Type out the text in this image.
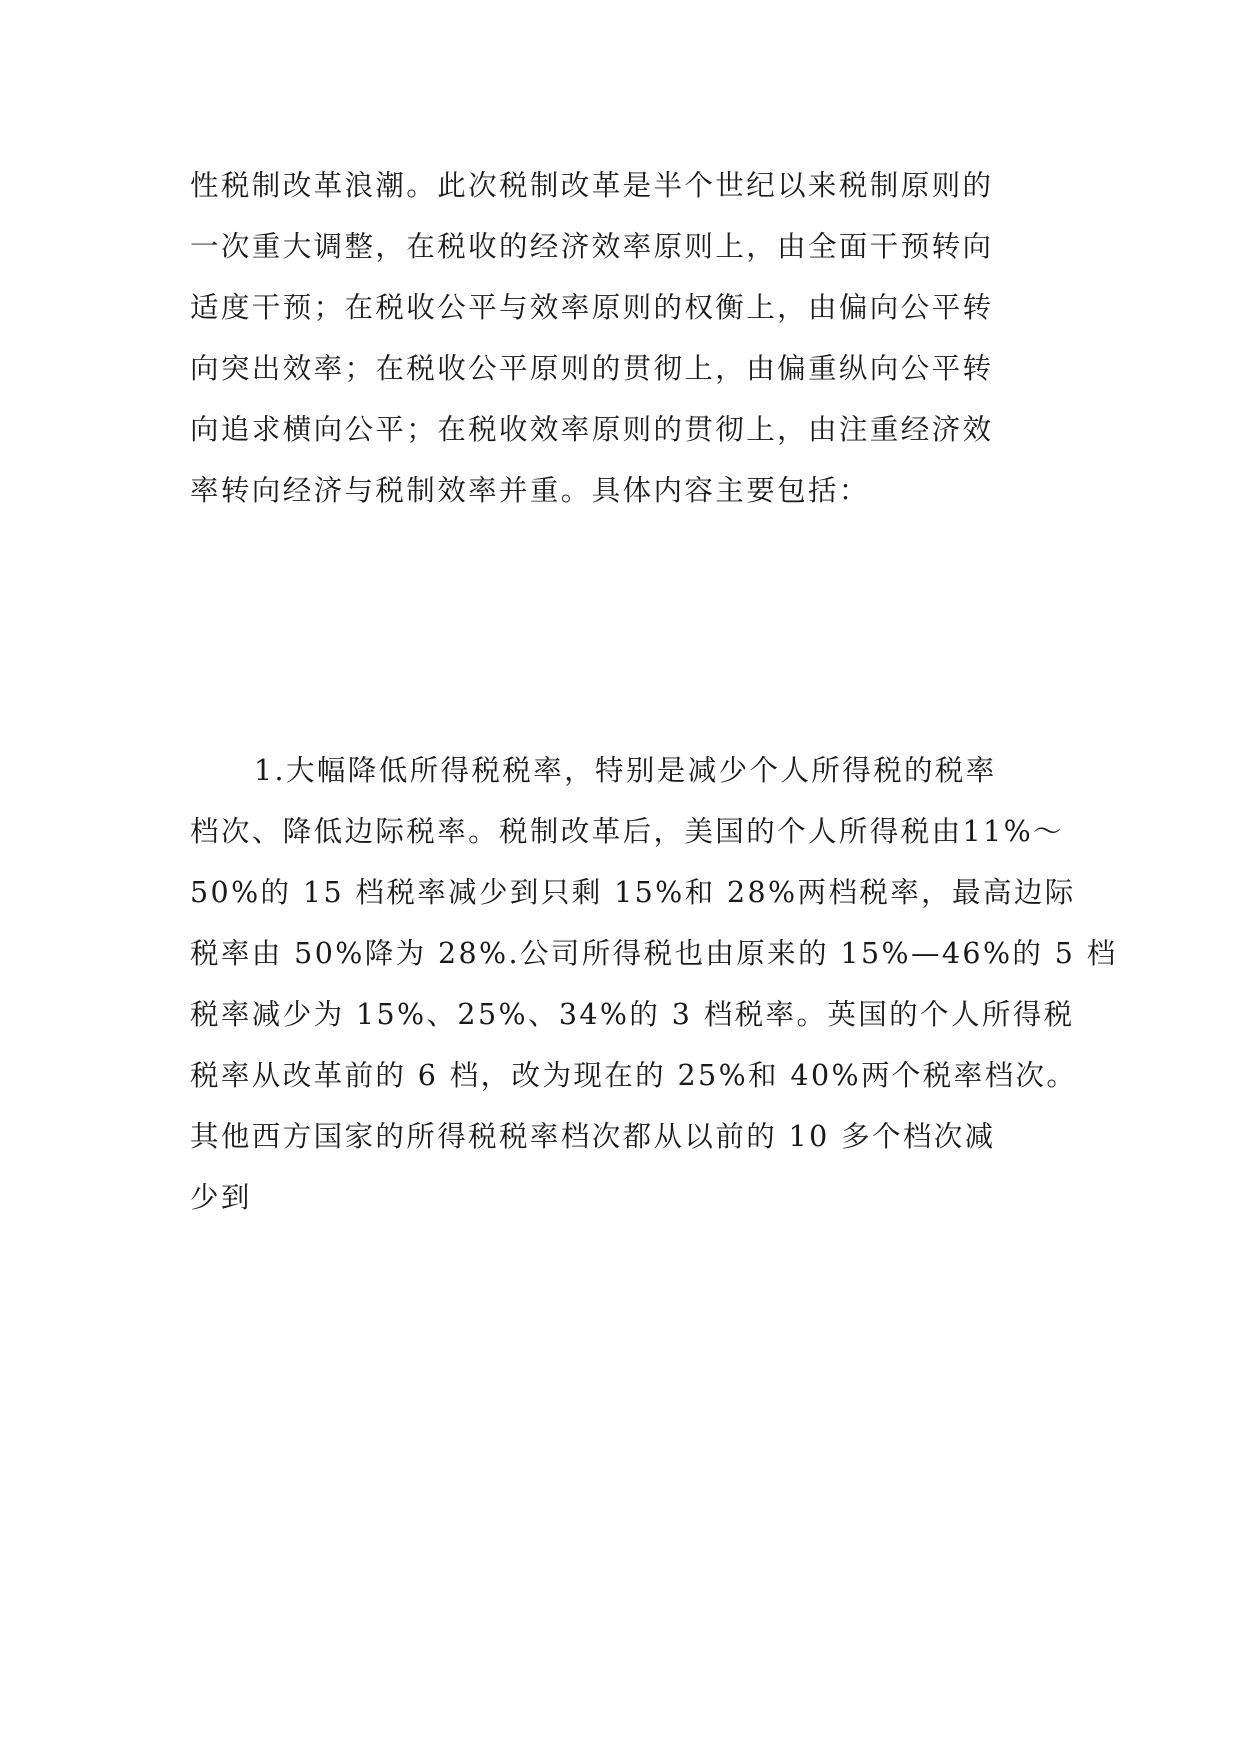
性税制改革浪潮。此次税制改革是半个世纪以来税制原则的
一次重大调整，在税收的经济效率原则上，由全面干预转向
适度干预；在税收公平与效率原则的权衡上，由偏向公平转
向突出效率；在税收公平原则的贯彻上，由偏重纵向公平转
向追求横向公平；在税收效率原则的贯彻上，由注重经济效
率转向经济与税制效率并重。具体内容主要包括：
1.大幅降低所得税税率，特别是减少个人所得税的税率
档次、降低边际税率。税制改革后，美国的个人所得税由11%～
50%的 15 档税率减少到只剩 15%和 28%两档税率，最高边际
税率由 50%降为 28%.公司所得税也由原来的 15%—46%的 5 档
税率减少为 15%、25%、34%的 3 档税率。英国的个人所得税
税率从改革前的 6 档，改为现在的 25%和 40%两个税率档次。
其他西方国家的所得税税率档次都从以前的 10 多个档次减
少到
